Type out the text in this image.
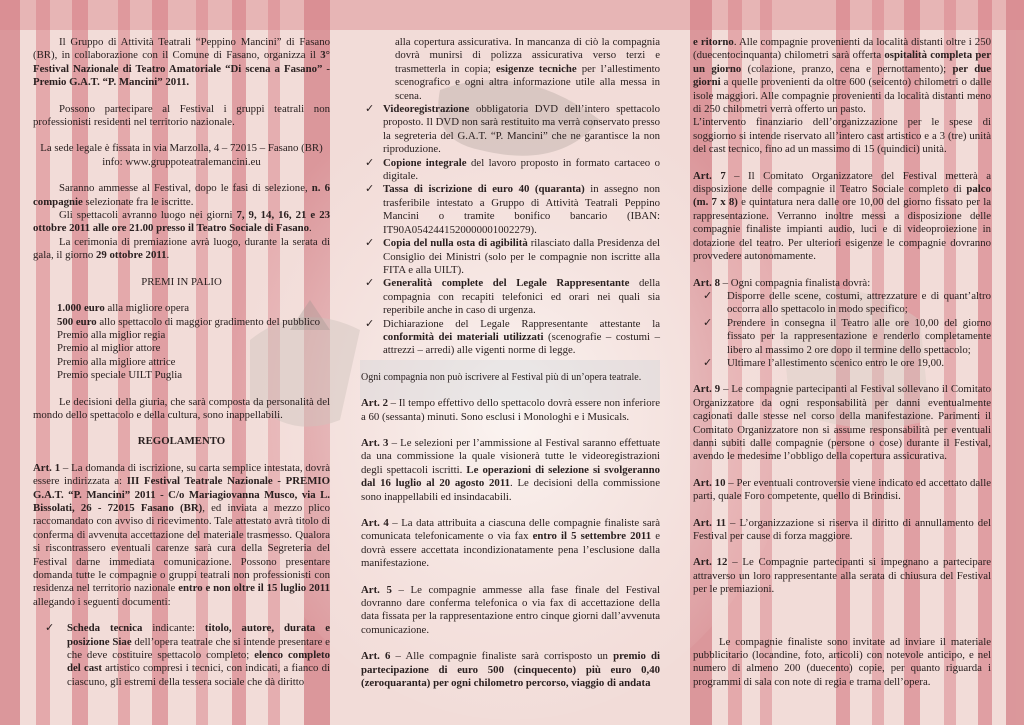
Il Gruppo di Attività Teatrali “Peppino Mancini” di Fasano (BR), in collaborazione con il Comune di Fasano, organizza il 3° Festival Nazionale di Teatro Amatoriale “Di scena a Fasano” - Premio G.A.T. “P. Mancini” 2011.

Possono partecipare al Festival i gruppi teatrali non professionisti residenti nel territorio nazionale.

La sede legale è fissata in via Marzolla, 4 – 72015 – Fasano (BR)

info: www.gruppoteatralemancini.eu

Saranno ammesse al Festival, dopo le fasi di selezione, n. 6 compagnie selezionate fra le iscritte.

Gli spettacoli avranno luogo nei giorni 7, 9, 14, 16, 21 e 23 ottobre 2011 alle ore 21.00 presso il Teatro Sociale di Fasano.

La cerimonia di premiazione avrà luogo, durante la serata di gala, il giorno 29 ottobre 2011.

PREMI IN PALIO

1.000 euro alla migliore opera

500 euro allo spettacolo di maggior gradimento del pubblico

Premio alla miglior regia

Premio al miglior attore

Premio alla migliore attrice

Premio speciale UILT Puglia

Le decisioni della giuria, che sarà composta da personalità del mondo dello spettacolo e della cultura, sono inappellabili.

REGOLAMENTO

Art. 1 – La domanda di iscrizione, su carta semplice intestata, dovrà essere indirizzata a: III Festival Teatrale Nazionale - PREMIO G.A.T. “P. Mancini” 2011 - C/o Mariagiovanna Musco, via L. Bissolati, 26 - 72015 Fasano (BR), ed inviata a mezzo plico raccomandato con avviso di ricevimento. Tale attestato avrà titolo di conferma di avvenuta accettazione del materiale trasmesso. Qualora si riscontrassero eventuali carenze sarà cura della Segreteria del Festival darne immediata comunicazione. Possono presentare domanda tutte le compagnie o gruppi teatrali non professionisti con residenza nel territorio nazionale entro e non oltre il 15 luglio 2011 allegando i seguenti documenti:

✓ Scheda tecnica indicante: titolo, autore, durata e posizione Siae dell’opera teatrale che si intende presentare e che deve costituire spettacolo completo; elenco completo del cast artistico compresi i tecnici, con indicati, a fianco di ciascuno, gli estremi della tessera sociale che dà diritto

alla copertura assicurativa. In mancanza di ciò la compagnia dovrà munirsi di polizza assicurativa verso terzi e trasmetterla in copia; esigenze tecniche per l’allestimento scenografico e ogni altra informazione utile alla messa in scena.

✓ Videoregistrazione obbligatoria DVD dell’intero spettacolo proposto. Il DVD non sarà restituito ma verrà conservato presso la segreteria del G.A.T. “P. Mancini” che ne garantisce la non riproduzione.

✓ Copione integrale del lavoro proposto in formato cartaceo o digitale.

✓ Tassa di iscrizione di euro 40 (quaranta) in assegno non trasferibile intestato a Gruppo di Attività Teatrali Peppino Mancini o tramite bonifico bancario (IBAN: IT90A0542441520000001002279).

✓ Copia del nulla osta di agibilità rilasciato dalla Presidenza del Consiglio dei Ministri (solo per le compagnie non iscritte alla FITA e alla UILT).

✓ Generalità complete del Legale Rappresentante della compagnia con recapiti telefonici ed orari nei quali sia reperibile anche in caso di urgenza.

✓ Dichiarazione del Legale Rappresentante attestante la conformità dei materiali utilizzati (scenografie – costumi – attrezzi – arredi) alle vigenti norme di legge.

Ogni compagnia non può iscrivere al Festival più di un’opera teatrale.

Art. 2 – Il tempo effettivo dello spettacolo dovrà essere non inferiore a 60 (sessanta) minuti. Sono esclusi i Monologhi e i Musicals.

Art. 3 – Le selezioni per l’ammissione al Festival saranno effettuate da una commissione la quale visionerà tutte le videoregistrazioni degli spettacoli iscritti. Le operazioni di selezione si svolgeranno dal 16 luglio al 20 agosto 2011. Le decisioni della commissione sono inappellabili ed insindacabili.

Art. 4 – La data attribuita a ciascuna delle compagnie finaliste sarà comunicata telefonicamente o via fax entro il 5 settembre 2011 e dovrà essere accettata incondizionatamente pena l’esclusione dalla manifestazione.

Art. 5 – Le compagnie ammesse alla fase finale del Festival dovranno dare conferma telefonica o via fax di accettazione della data fissata per la rappresentazione entro cinque giorni dall’avvenuta comunicazione.

Art. 6 – Alle compagnie finaliste sarà corrisposto un premio di partecipazione di euro 500 (cinquecento) più euro 0,40 (zeroquaranta) per ogni chilometro percorso, viaggio di andata

e ritorno. Alle compagnie provenienti da località distanti oltre i 250 (duecentocinquanta) chilometri sarà offerta ospitalità completa per un giorno (colazione, pranzo, cena e pernottamento); per due giorni a quelle provenienti da oltre 600 (seicento) chilometri o dalle isole maggiori. Alle compagnie provenienti da località distanti meno di 250 chilometri verrà offerto un pasto.

L’intervento finanziario dell’organizzazione per le spese di soggiorno si intende riservato all’intero cast artistico e a 3 (tre) unità del cast tecnico, fino ad un massimo di 15 (quindici) unità.

Art. 7 – Il Comitato Organizzatore del Festival metterà a disposizione delle compagnie il Teatro Sociale completo di palco (m. 7 x 8) e quintatura nera dalle ore 10,00 del giorno fissato per la rappresentazione. Verranno inoltre messi a disposizione delle compagnie finaliste impianti audio, luci e di videoproiezione in dotazione del teatro. Per ulteriori esigenze le compagnie dovranno provvedere autonomamente.

Art. 8 – Ogni compagnia finalista dovrà:

✓ Disporre delle scene, costumi, attrezzature e di quant’altro occorra allo spettacolo in modo specifico;

✓ Prendere in consegna il Teatro alle ore 10,00 del giorno fissato per la rappresentazione e renderlo completamente libero al massimo 2 ore dopo il termine dello spettacolo;

✓ Ultimare l’allestimento scenico entro le ore 19,00.

Art. 9 – Le compagnie partecipanti al Festival sollevano il Comitato Organizzatore da ogni responsabilità per danni eventualmente cagionati dalle stesse nel corso della manifestazione. Parimenti il Comitato Organizzatore non si assume responsabilità per eventuali danni subiti dalle compagnie (persone o cose) durante il Festival, avendo le medesime l’obbligo della copertura assicurativa.

Art. 10 – Per eventuali controversie viene indicato ed accettato dalle parti, quale Foro competente, quello di Brindisi.

Art. 11 – L’organizzazione si riserva il diritto di annullamento del Festival per cause di forza maggiore.

Art. 12 – Le Compagnie partecipanti si impegnano a partecipare attraverso un loro rappresentante alla serata di chiusura del Festival per le premiazioni.

Le compagnie finaliste sono invitate ad inviare il materiale pubblicitario (locandine, foto, articoli) con notevole anticipo, e nel numero di almeno 200 (duecento) copie, per quanto riguarda i programmi di sala con note di regia e trama dell’opera.
